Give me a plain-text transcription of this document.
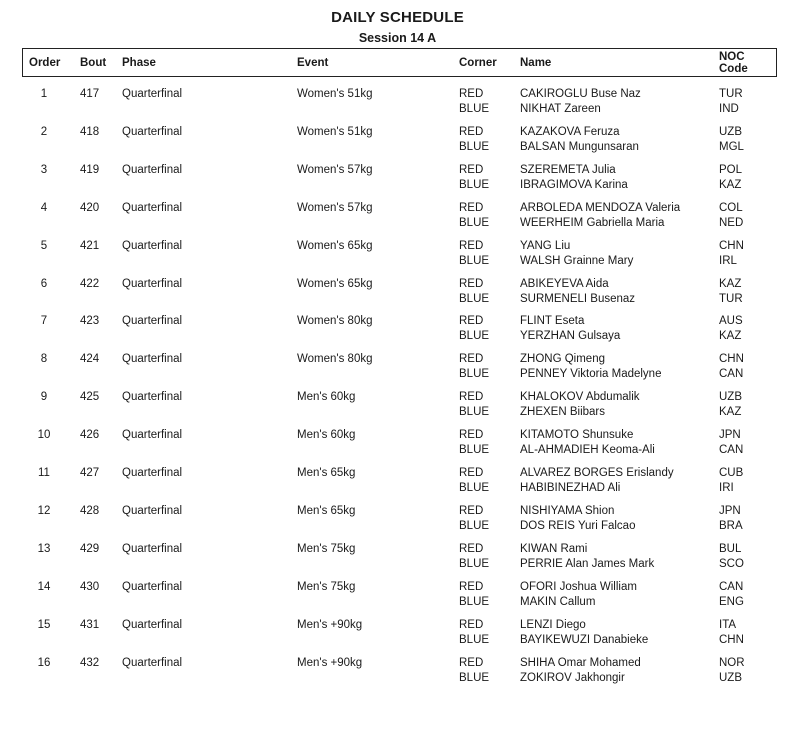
DAILY SCHEDULE
Session 14 A
Order Bout Phase	Event	Corner Name	NOC
Code
1	417 Quarterfinal	Women's 51kg	RED	CAKIROGLU Buse Naz	TUR
BLUE	NIKHAT Zareen	IND
2	418 Quarterfinal	Women's 51kg	RED	KAZAKOVA Feruza	UZB
BLUE	BALSAN Mungunsaran	MGL
3	419 Quarterfinal	Women's 57kg	RED	SZEREMETA Julia	POL
BLUE	IBRAGIMOVA Karina	KAZ
4	420 Quarterfinal	Women's 57kg	RED	ARBOLEDA MENDOZA Valeria	COL
BLUE	WEERHEIM Gabriella Maria	NED
5	421 Quarterfinal	Women's 65kg	RED	YANG Liu	CHN
BLUE	WALSH Grainne Mary	IRL
6	422 Quarterfinal	Women's 65kg	RED	ABIKEYEVA Aida	KAZ
BLUE	SURMENELI Busenaz	TUR
7	423 Quarterfinal	Women's 80kg	RED	FLINT Eseta	AUS
BLUE	YERZHAN Gulsaya	KAZ
8	424 Quarterfinal	Women's 80kg	RED	ZHONG Qimeng	CHN
BLUE	PENNEY Viktoria Madelyne	CAN
9	425 Quarterfinal	Men's 60kg	RED	KHALOKOV Abdumalik	UZB
BLUE	ZHEXEN Biibars	KAZ
10	426 Quarterfinal	Men's 60kg	RED	KITAMOTO Shunsuke	JPN
BLUE	AL-AHMADIEH Keoma-Ali	CAN
11	427 Quarterfinal	Men's 65kg	RED	ALVAREZ BORGES Erislandy	CUB
BLUE	HABIBINEZHAD Ali	IRI
12	428 Quarterfinal	Men's 65kg	RED	NISHIYAMA Shion	JPN
BLUE	DOS REIS Yuri Falcao	BRA
13	429 Quarterfinal	Men's 75kg	RED	KIWAN Rami	BUL
BLUE	PERRIE Alan James Mark	SCO
14	430 Quarterfinal	Men's 75kg	RED	OFORI Joshua William	CAN
BLUE	MAKIN Callum	ENG
15	431 Quarterfinal	Men's +90kg	RED	LENZI Diego	ITA
BLUE	BAYIKEWUZI Danabieke	CHN
16	432 Quarterfinal	Men's +90kg	RED	SHIHA Omar Mohamed	NOR
BLUE	ZOKIROV Jakhongir	UZB
